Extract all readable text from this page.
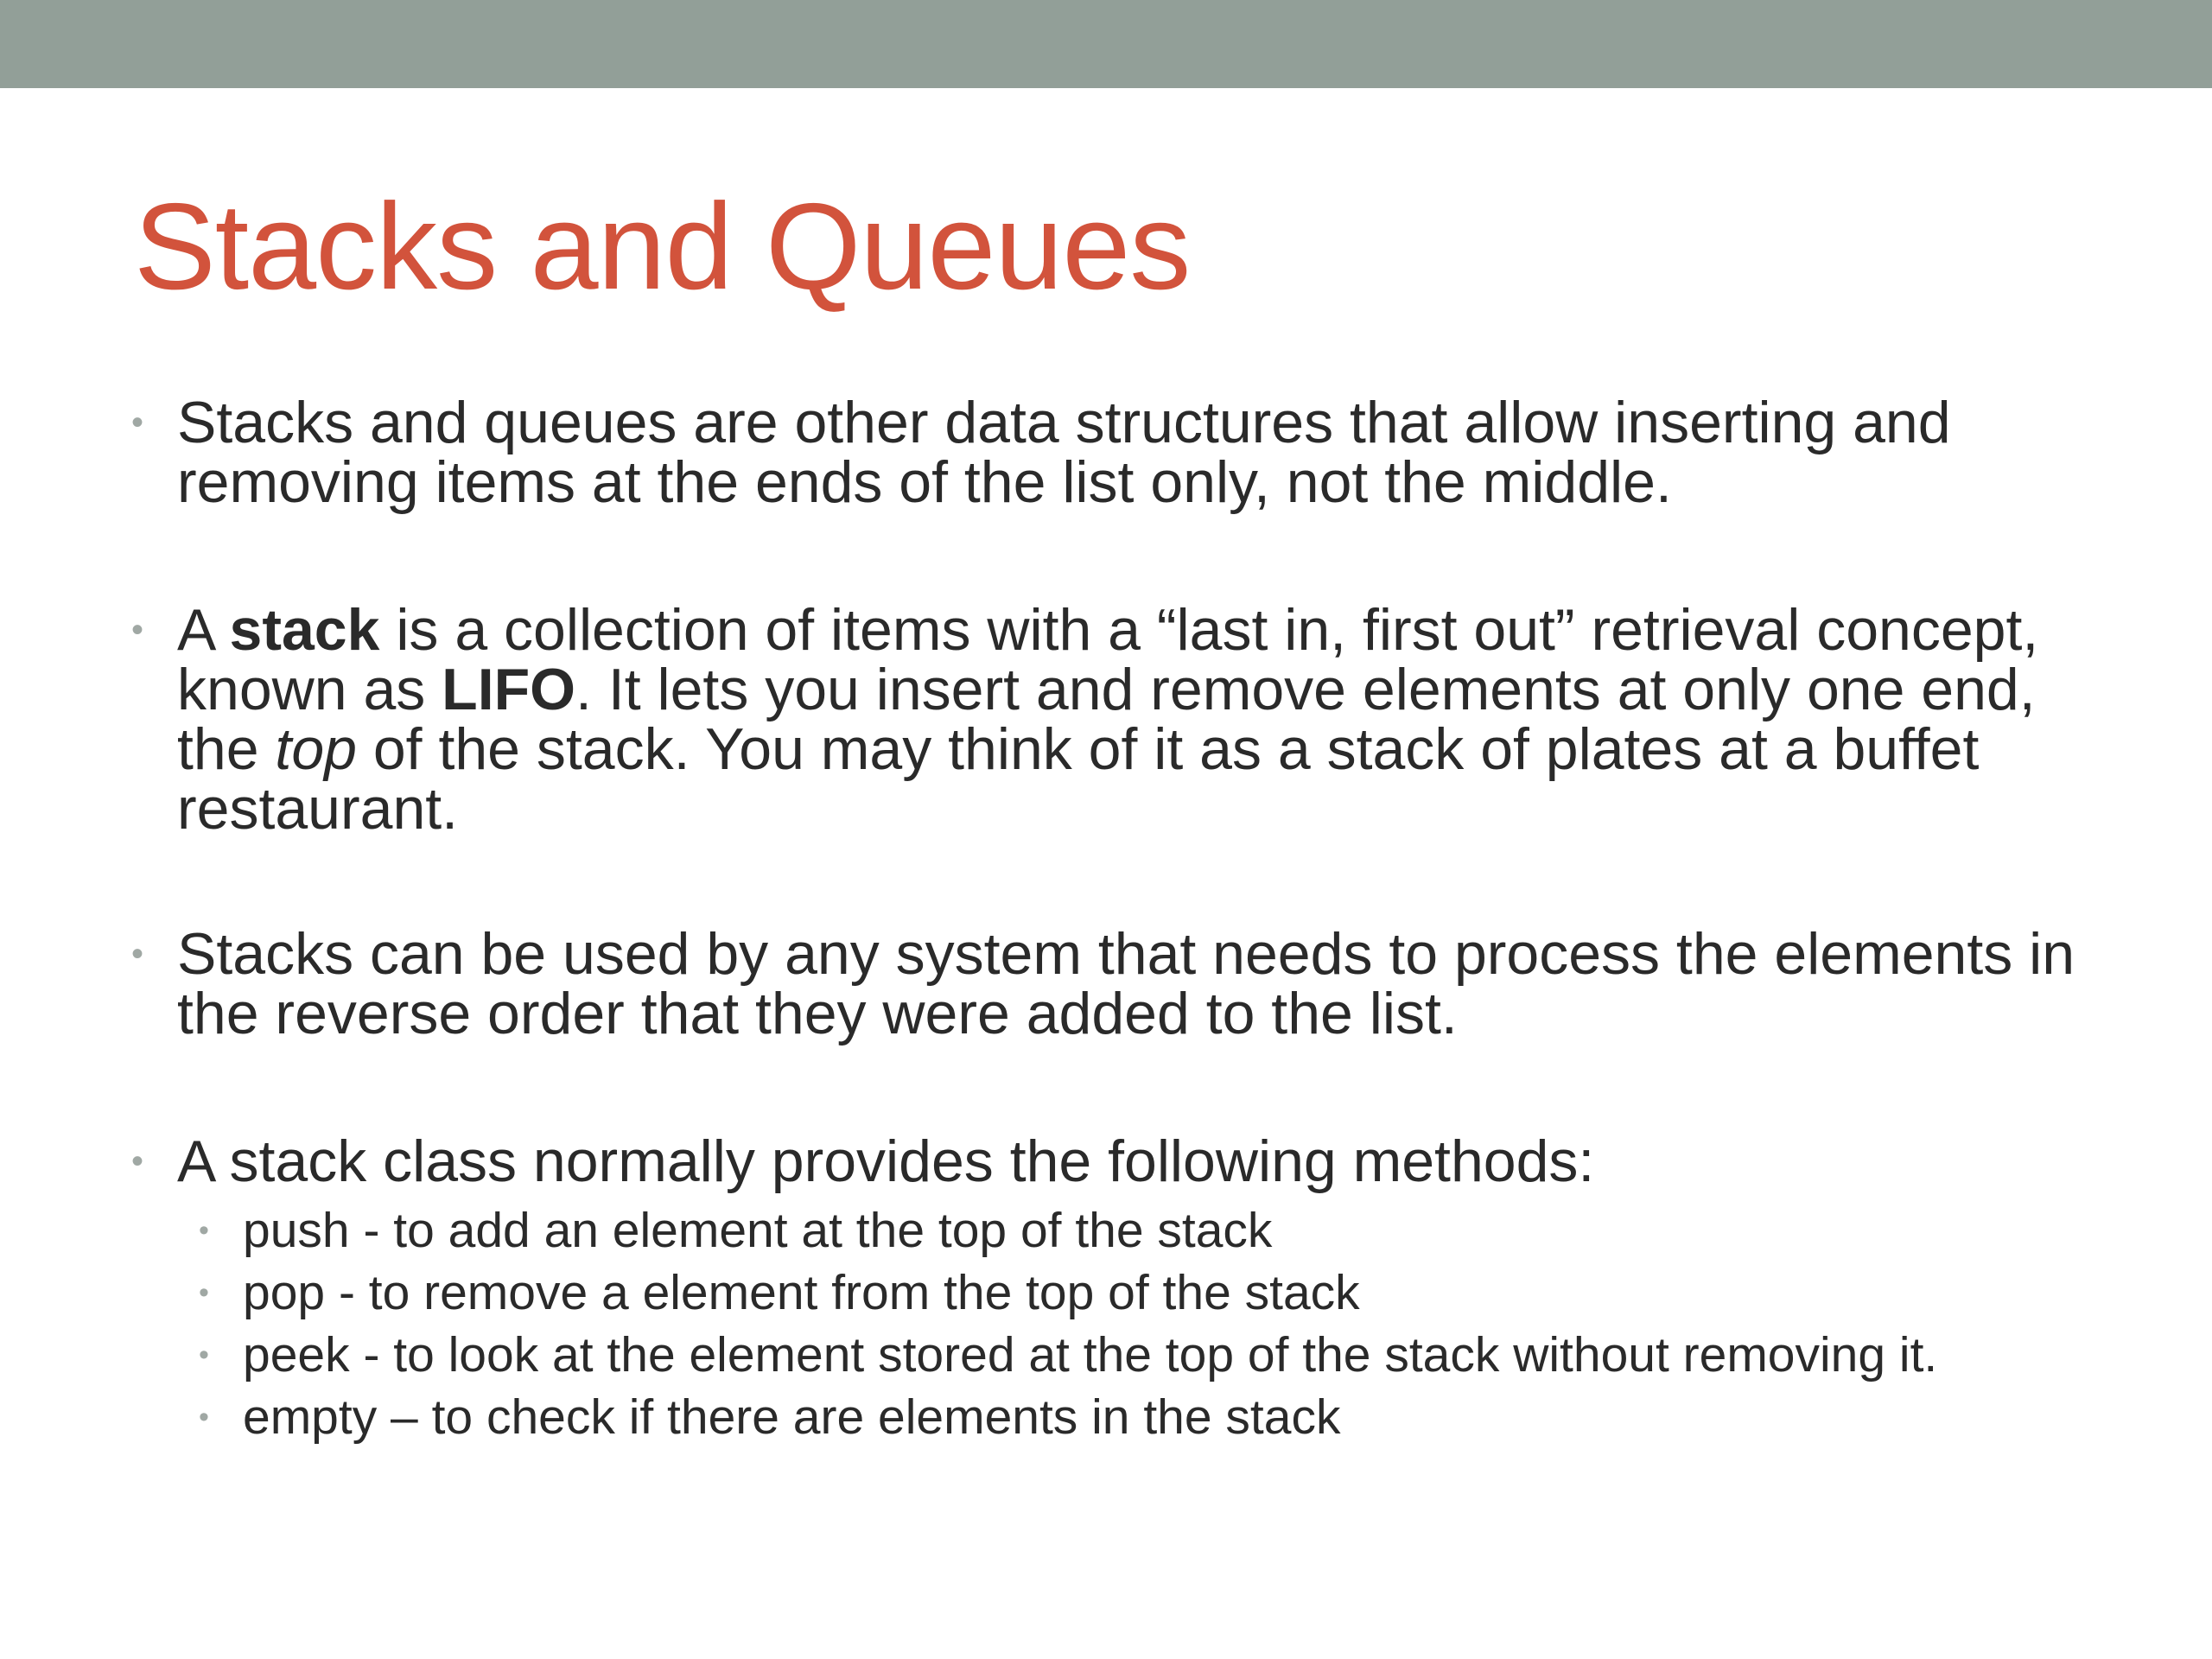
Stacks and Queues
• Stacks and queues are other data structures that allow inserting and removing items at the ends of the list only, not the middle.

• A stack is a collection of items with a “last in, first out” retrieval concept, known as LIFO. It lets you insert and remove elements at only one end, the top of the stack. You may think of it as a stack of plates at a buffet restaurant.

• Stacks can be used by any system that needs to process the elements in the reverse order that they were added to the list.

• A stack class normally provides the following methods:

• push - to add an element at the top of the stack
• pop - to remove a element from the top of the stack
• peek - to look at the element stored at the top of the stack without removing it.
• empty – to check if there are elements in the stack
